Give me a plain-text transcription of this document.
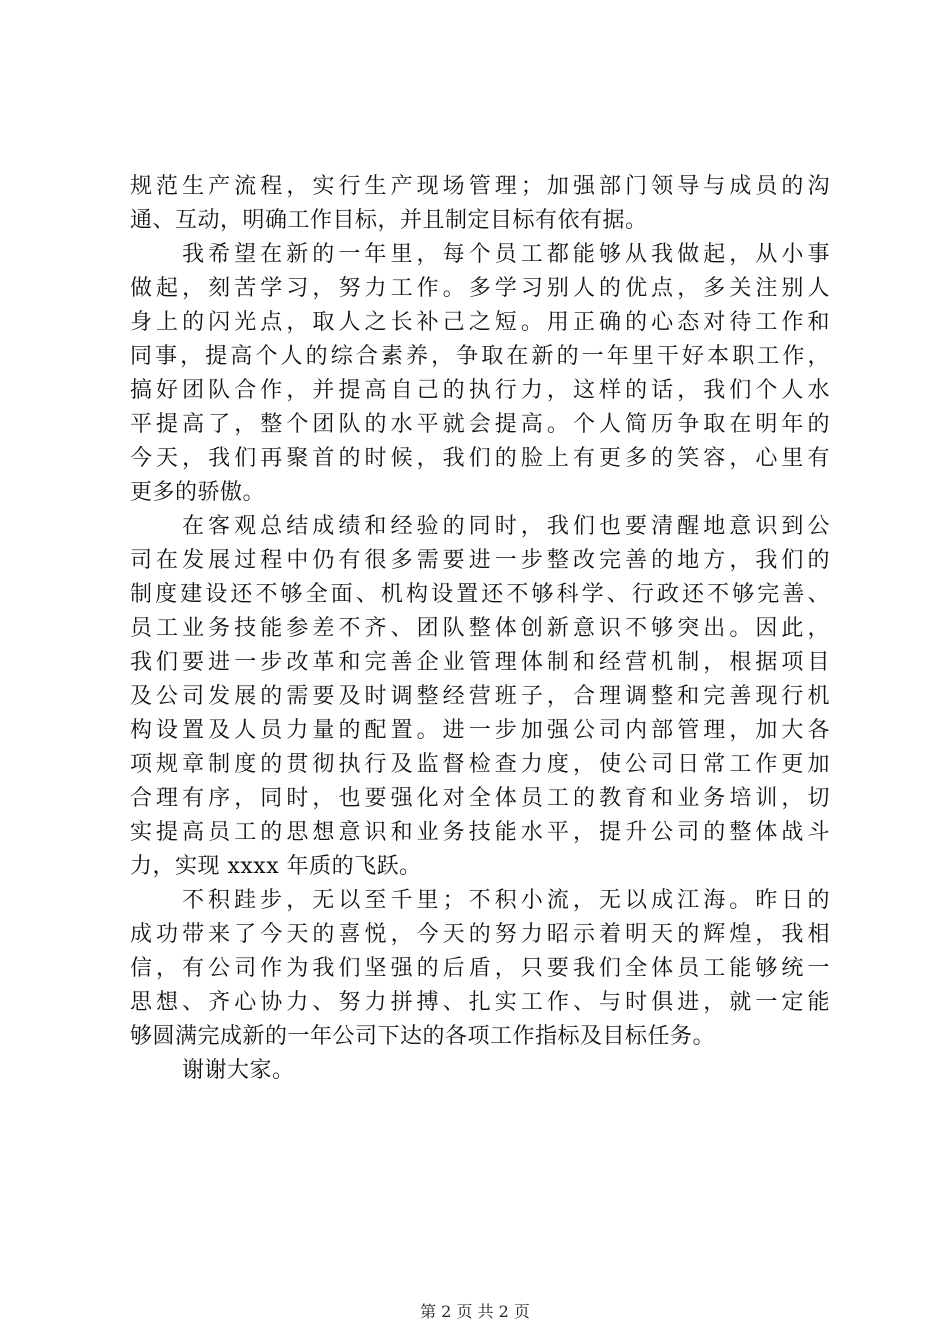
规范生产流程，实行生产现场管理；加强部门领导与成员的沟
通、互动，明确工作目标，并且制定目标有依有据。
我希望在新的一年里，每个员工都能够从我做起，从小事
做起，刻苦学习，努力工作。多学习别人的优点，多关注别人
身上的闪光点，取人之长补己之短。用正确的心态对待工作和
同事，提高个人的综合素养，争取在新的一年里干好本职工作，
搞好团队合作，并提高自己的执行力，这样的话，我们个人水
平提高了，整个团队的水平就会提高。个人简历争取在明年的
今天，我们再聚首的时候，我们的脸上有更多的笑容，心里有
更多的骄傲。
在客观总结成绩和经验的同时，我们也要清醒地意识到公
司在发展过程中仍有很多需要进一步整改完善的地方，我们的
制度建设还不够全面、机构设置还不够科学、行政还不够完善、
员工业务技能参差不齐、团队整体创新意识不够突出。因此，
我们要进一步改革和完善企业管理体制和经营机制，根据项目
及公司发展的需要及时调整经营班子，合理调整和完善现行机
构设置及人员力量的配置。进一步加强公司内部管理，加大各
项规章制度的贯彻执行及监督检查力度，使公司日常工作更加
合理有序，同时，也要强化对全体员工的教育和业务培训，切
实提高员工的思想意识和业务技能水平，提升公司的整体战斗
力，实现 xxxx 年质的飞跃。
不积跬步，无以至千里；不积小流，无以成江海。昨日的
成功带来了今天的喜悦，今天的努力昭示着明天的辉煌，我相
信，有公司作为我们坚强的后盾，只要我们全体员工能够统一
思想、齐心协力、努力拼搏、扎实工作、与时俱进，就一定能
够圆满完成新的一年公司下达的各项工作指标及目标任务。
谢谢大家。
第 2 页 共 2 页
